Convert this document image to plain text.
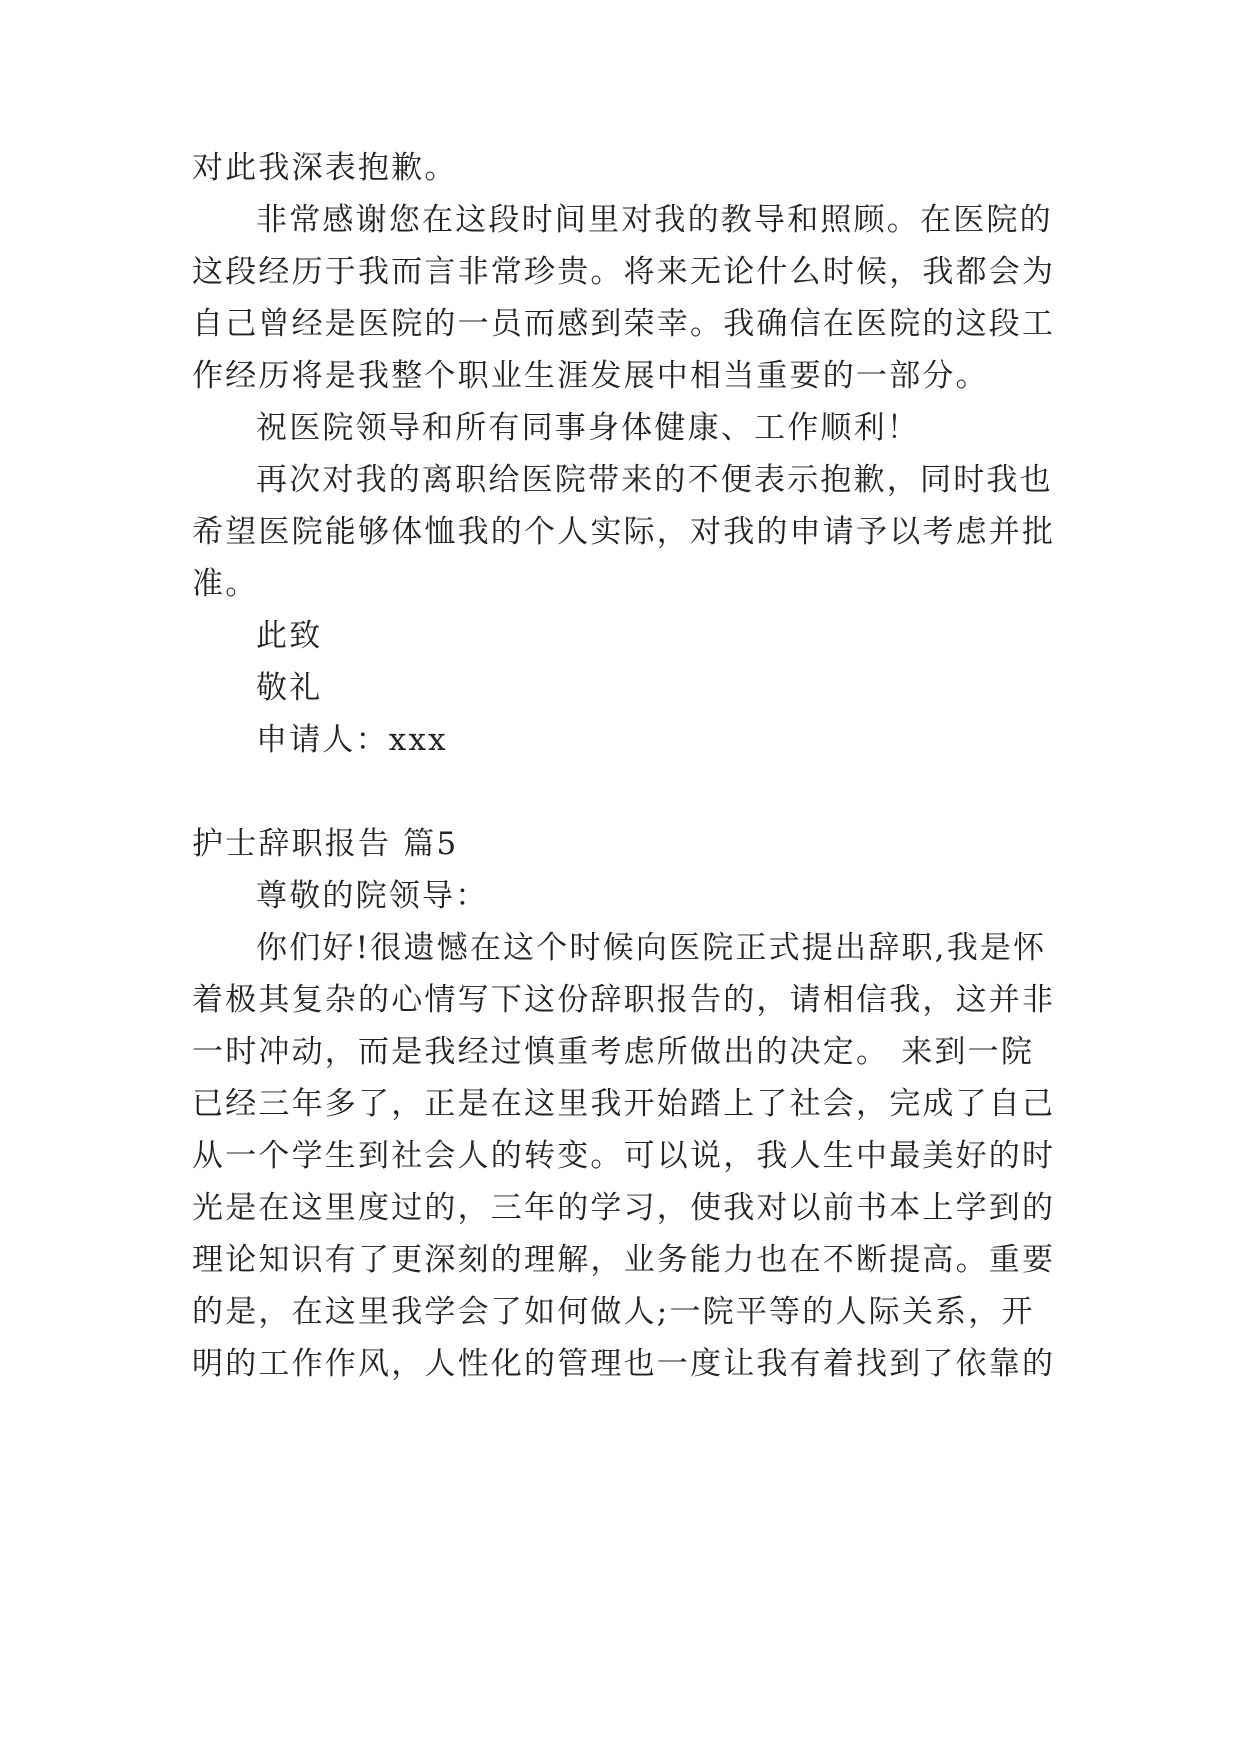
对此我深表抱歉。
非常感谢您在这段时间里对我的教导和照顾。在医院的
这段经历于我而言非常珍贵。将来无论什么时候，我都会为
自己曾经是医院的一员而感到荣幸。我确信在医院的这段工
作经历将是我整个职业生涯发展中相当重要的一部分。
祝医院领导和所有同事身体健康、工作顺利！
再次对我的离职给医院带来的不便表示抱歉，同时我也
希望医院能够体恤我的个人实际，对我的申请予以考虑并批
准。
此致
敬礼
申请人：xxx
护士辞职报告 篇5
尊敬的院领导：
你们好!很遗憾在这个时候向医院正式提出辞职,我是怀
着极其复杂的心情写下这份辞职报告的，请相信我，这并非
一时冲动，而是我经过慎重考虑所做出的决定。 来到一院
已经三年多了，正是在这里我开始踏上了社会，完成了自己
从一个学生到社会人的转变。可以说，我人生中最美好的时
光是在这里度过的，三年的学习，使我对以前书本上学到的
理论知识有了更深刻的理解，业务能力也在不断提高。重要
的是，在这里我学会了如何做人;一院平等的人际关系，开
明的工作作风，人性化的管理也一度让我有着找到了依靠的
